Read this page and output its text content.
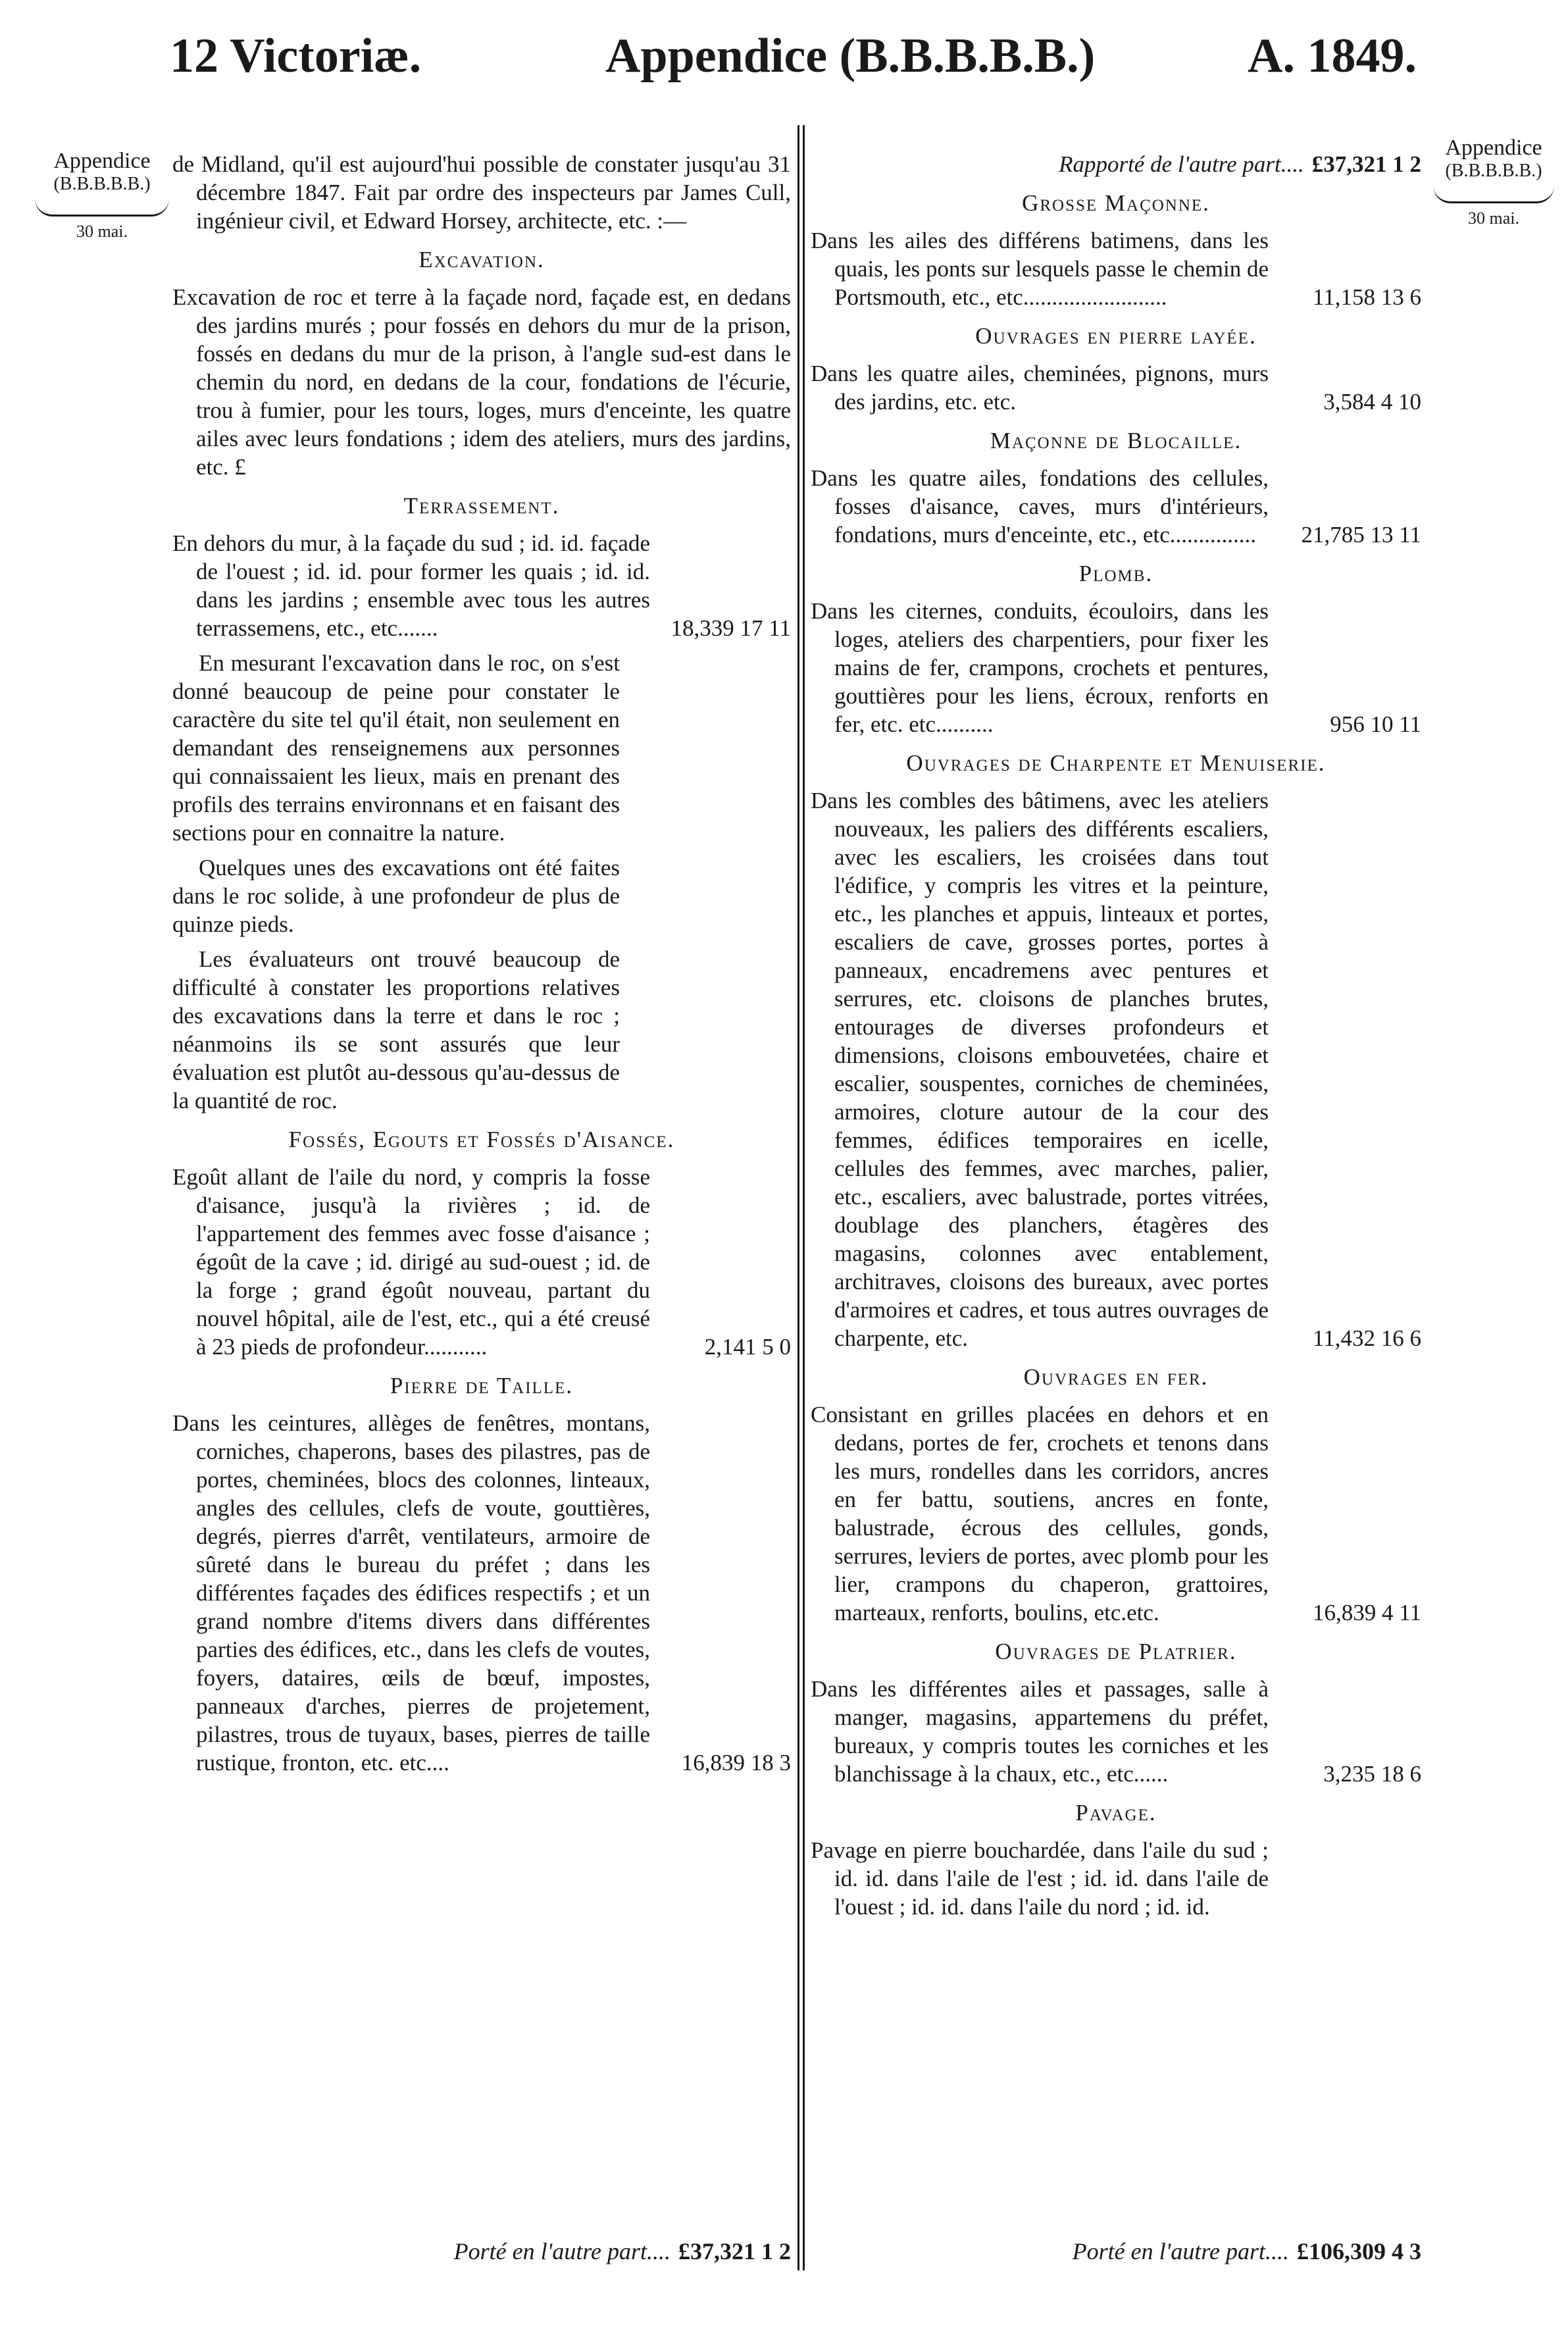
12 Victoriæ.	Appendice (B.B.B.B.B.)	A. 1849.
Appendice
(B.B.B.B.B.)
30 mai.
Appendice
(B.B.B.B.B.)
30 mai.

de Midland, qu'il est aujourd'hui possible de constater jusqu'au 31 décembre 1847. Fait par ordre des inspecteurs par James Cull, ingénieur civil, et Edward Horsey, architecte, etc. :—

Excavation.

Excavation de roc et terre à la façade nord, façade est, en dedans des jardins murés ; pour fossés en dehors du mur de la prison, fossés en dedans du mur de la prison, à l'angle sud-est dans le chemin du nord, en dedans de la cour, fondations de l'écurie, trou à fumier, pour les tours, loges, murs d'enceinte, les quatre ailes avec leurs fondations ; idem des ateliers, murs des jardins, etc. £

Terrassement.
En dehors du mur, à la façade du sud ; id. id. façade de l'ouest ; id. id. pour former les quais ; id. id. dans les jardins ; ensemble avec tous les autres terrassemens, etc., etc.......	18,339 17 11

En mesurant l'excavation dans le roc, on s'est donné beaucoup de peine pour constater le caractère du site tel qu'il était, non seulement en demandant des renseignemens aux personnes qui connaissaient les lieux, mais en prenant des profils des terrains environnans et en faisant des sections pour en connaitre la nature.

Quelques unes des excavations ont été faites dans le roc solide, à une profondeur de plus de quinze pieds.

Les évaluateurs ont trouvé beaucoup de difficulté à constater les proportions relatives des excavations dans la terre et dans le roc ; néanmoins ils se sont assurés que leur évaluation est plutôt au-dessous qu'au-dessus de la quantité de roc.

Fossés, Egouts et Fossés d'Aisance.
Egoût allant de l'aile du nord, y compris la fosse d'aisance, jusqu'à la rivières ; id. de l'appartement des femmes avec fosse d'aisance ; égoût de la cave ; id. dirigé au sud-ouest ; id. de la forge ; grand égoût nouveau, partant du nouvel hôpital, aile de l'est, etc., qui a été creusé à 23 pieds de profondeur...........	2,141 5 0
Pierre de Taille.
Dans les ceintures, allèges de fenêtres, montans, corniches, chaperons, bases des pilastres, pas de portes, cheminées, blocs des colonnes, linteaux, angles des cellules, clefs de voute, gouttières, degrés, pierres d'arrêt, ventilateurs, armoire de sûreté dans le bureau du préfet ; dans les différentes façades des édifices respectifs ; et un grand nombre d'items divers dans différentes parties des édifices, etc., dans les clefs de voutes, foyers, dataires, œils de bœuf, impostes, panneaux d'arches, pierres de projetement, pilastres, trous de tuyaux, bases, pierres de taille rustique, fronton, etc. etc....	16,839 18 3
Rapporté de l'autre part.... £37,321 1 2
Grosse Maçonne.
Dans les ailes des différens batimens, dans les quais, les ponts sur lesquels passe le chemin de Portsmouth, etc., etc.........................	11,158 13 6
Ouvrages en pierre layée.
Dans les quatre ailes, cheminées, pignons, murs des jardins, etc. etc.	3,584 4 10
Maçonne de Blocaille.
Dans les quatre ailes, fondations des cellules, fosses d'aisance, caves, murs d'intérieurs, fondations, murs d'enceinte, etc., etc...............	21,785 13 11
Plomb.
Dans les citernes, conduits, écouloirs, dans les loges, ateliers des charpentiers, pour fixer les mains de fer, crampons, crochets et pentures, gouttières pour les liens, écroux, renforts en fer, etc. etc..........	956 10 11
Ouvrages de Charpente et Menuiserie.
Dans les combles des bâtimens, avec les ateliers nouveaux, les paliers des différents escaliers, avec les escaliers, les croisées dans tout l'édifice, y compris les vitres et la peinture, etc., les planches et appuis, linteaux et portes, escaliers de cave, grosses portes, portes à panneaux, encadremens avec pentures et serrures, etc. cloisons de planches brutes, entourages de diverses profondeurs et dimensions, cloisons embouvetées, chaire et escalier, souspentes, corniches de cheminées, armoires, cloture autour de la cour des femmes, édifices temporaires en icelle, cellules des femmes, avec marches, palier, etc., escaliers, avec balustrade, portes vitrées, doublage des planchers, étagères des magasins, colonnes avec entablement, architraves, cloisons des bureaux, avec portes d'armoires et cadres, et tous autres ouvrages de charpente, etc.	11,432 16 6
Ouvrages en fer.
Consistant en grilles placées en dehors et en dedans, portes de fer, crochets et tenons dans les murs, rondelles dans les corridors, ancres en fer battu, soutiens, ancres en fonte, balustrade, écrous des cellules, gonds, serrures, leviers de portes, avec plomb pour les lier, crampons du chaperon, grattoires, marteaux, renforts, boulins, etc.etc.	16,839 4 11
Ouvrages de Platrier.
Dans les différentes ailes et passages, salle à manger, magasins, appartemens du préfet, bureaux, y compris toutes les corniches et les blanchissage à la chaux, etc., etc......	3,235 18 6
Pavage.

Pavage en pierre bouchardée, dans l'aile du sud ; id. id. dans l'aile de l'est ; id. id. dans l'aile de l'ouest ; id. id. dans l'aile du nord ; id. id.

Porté en l'autre part.... £37,321 1 2	Porté en l'autre part.... £106,309 4 3
